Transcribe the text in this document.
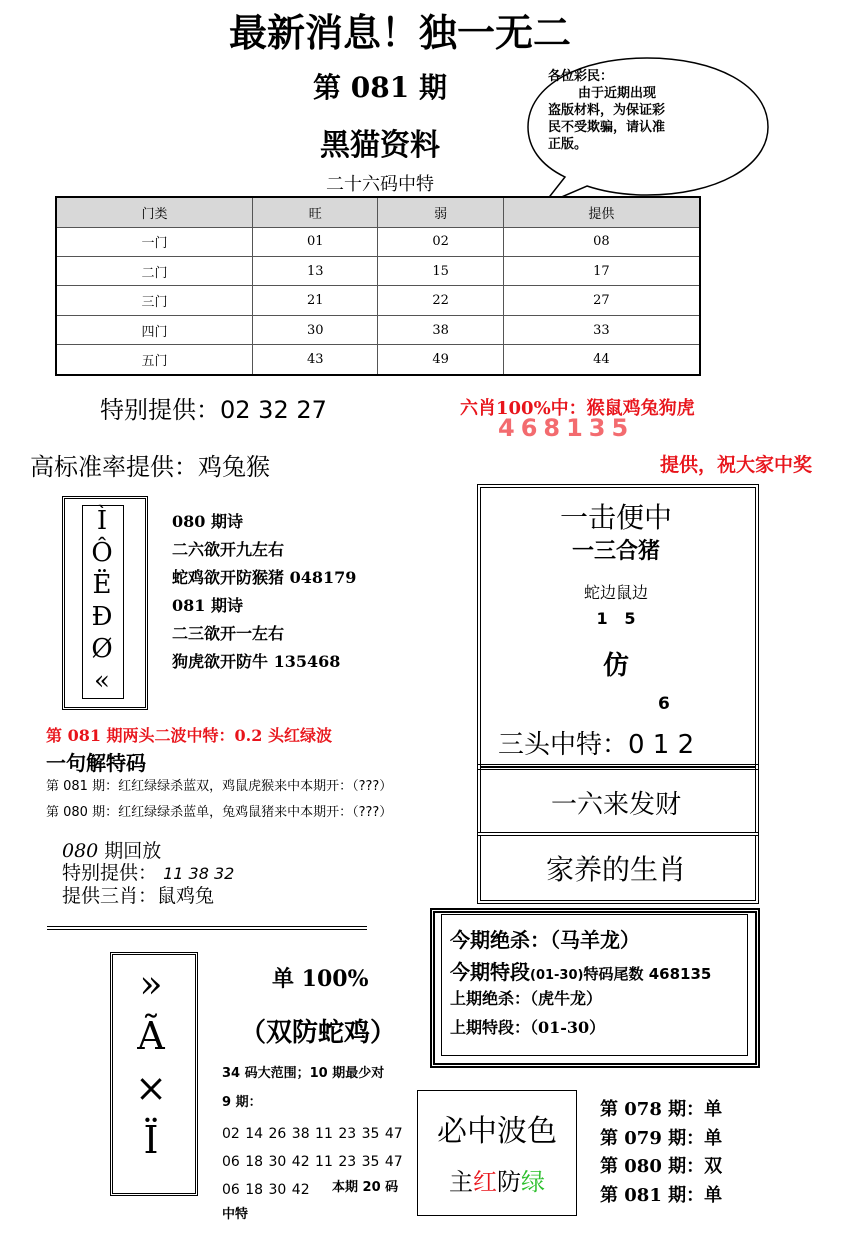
最新消息！独一无二
第 081 期
黑猫资料
二十六码中特
各位彩民：
由于近期出现
盗版材料，为保证彩
民不受欺骗，请认准
正版。
门类	旺	弱	提供
一门	01	02	08
二门	13	15	17
三门	21	22	27
四门	30	38	33
五门	43	49	44
特别提供：02 32 27	六肖100%中：猴鼠鸡兔狗虎
468135
高标准率提供：鸡兔猴	提供，祝大家中奖
Ì
Ô
Ë
Đ
Ø
«
080 期诗
二六欲开九左右
蛇鸡欲开防猴猪 048179
081 期诗
二三欲开一左右
狗虎欲开防牛 135468
第 081 期两头二波中特：0.2 头红绿波
一句解特码
第 081 期：红红绿绿杀蓝双，鸡鼠虎猴来中本期开：（???）
第 080 期：红红绿绿杀蓝单，兔鸡鼠猪来中本期开：（???）
080 期回放
特别提供： 11 38 32
提供三肖：鼠鸡兔
一击便中
一三合猪
蛇边鼠边
1   5
仿
6
三头中特：0 1 2
一六来发财
家养的生肖
今期绝杀：（马羊龙）
今期特段(01-30)特码尾数 468135
上期绝杀：（虎牛龙）
上期特段：（01-30）
»
Ã
×
Ï
单 100%
（双防蛇鸡）
34 码大范围；10 期最少对
9 期：
02 14 26 38 11 23 35 47
06 18 30 42 11 23 35 47
06 18 30 42	本期 20 码
中特
必中波色
主红防绿
第 078 期：单
第 079 期：单
第 080 期：双
第 081 期：单
